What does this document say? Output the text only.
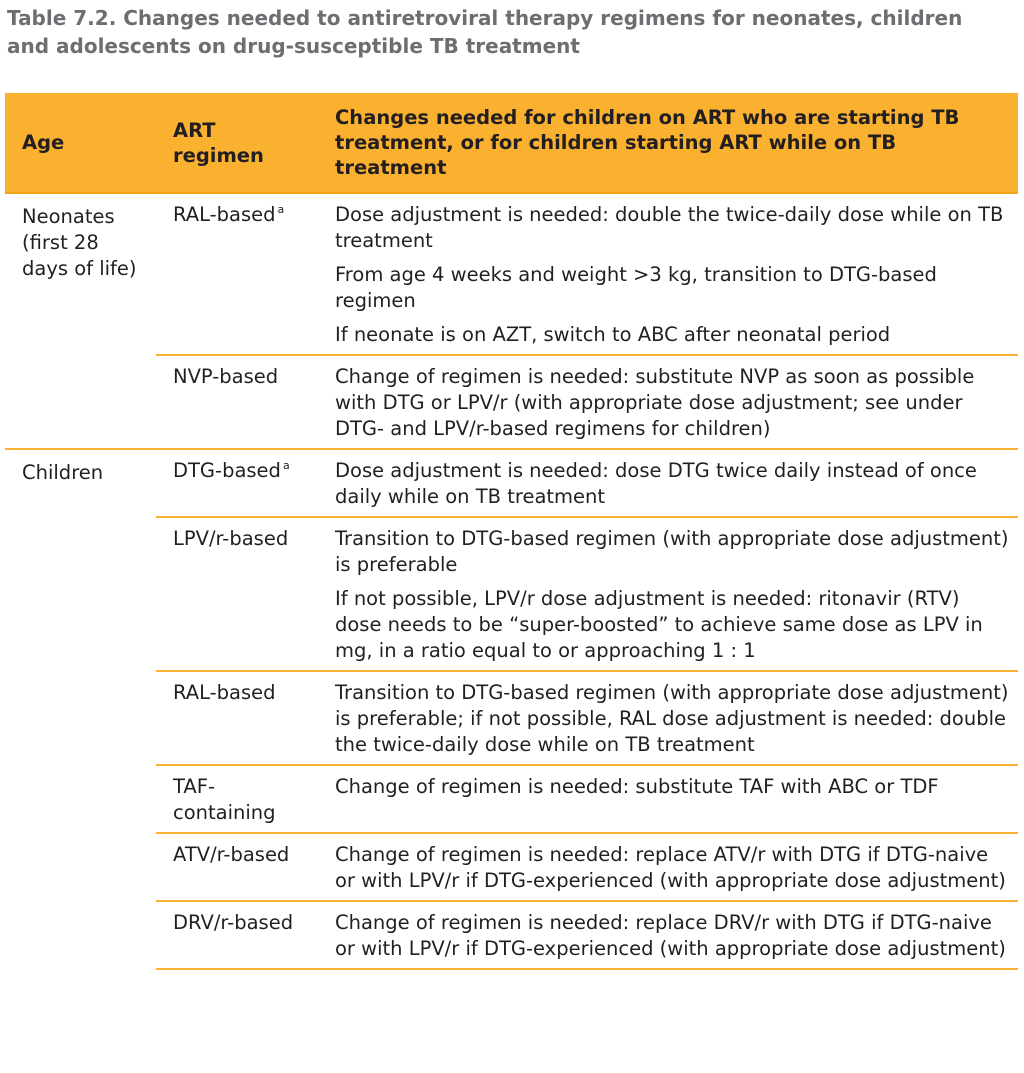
Table 7.2. Changes needed to antiretroviral therapy regimens for neonates, children and adolescents on drug-susceptible TB treatment
Age	ART regimen	Changes needed for children on ART who are starting TB treatment, or for children starting ART while on TB treatment
Neonates (first 28 days of life)	RAL-based $^a$	Dose adjustment is needed: double the twice-daily dose while on TB treatment

From age 4 weeks and weight >3 kg, transition to DTG-based regimen

If neonate is on AZT, switch to ABC after neonatal period

	NVP-based	Change of regimen is needed: substitute NVP as soon as possible with DTG or LPV/r (with appropriate dose adjustment; see under DTG- and LPV/r-based regimens for children)

Children	DTG-based $^a$	Dose adjustment is needed: dose DTG twice daily instead of once daily while on TB treatment

	LPV/r-based	Transition to DTG-based regimen (with appropriate dose adjustment) is preferable

If not possible, LPV/r dose adjustment is needed: ritonavir (RTV) dose needs to be “super-boosted” to achieve same dose as LPV in mg, in a ratio equal to or approaching 1 : 1

	RAL-based	Transition to DTG-based regimen (with appropriate dose adjustment) is preferable; if not possible, RAL dose adjustment is needed: double the twice-daily dose while on TB treatment

	TAF-containing	Change of regimen is needed: substitute TAF with ABC or TDF

	ATV/r-based	Change of regimen is needed: replace ATV/r with DTG if DTG-naive or with LPV/r if DTG-experienced (with appropriate dose adjustment)

	DRV/r-based	Change of regimen is needed: replace DRV/r with DTG if DTG-naive or with LPV/r if DTG-experienced (with appropriate dose adjustment)
